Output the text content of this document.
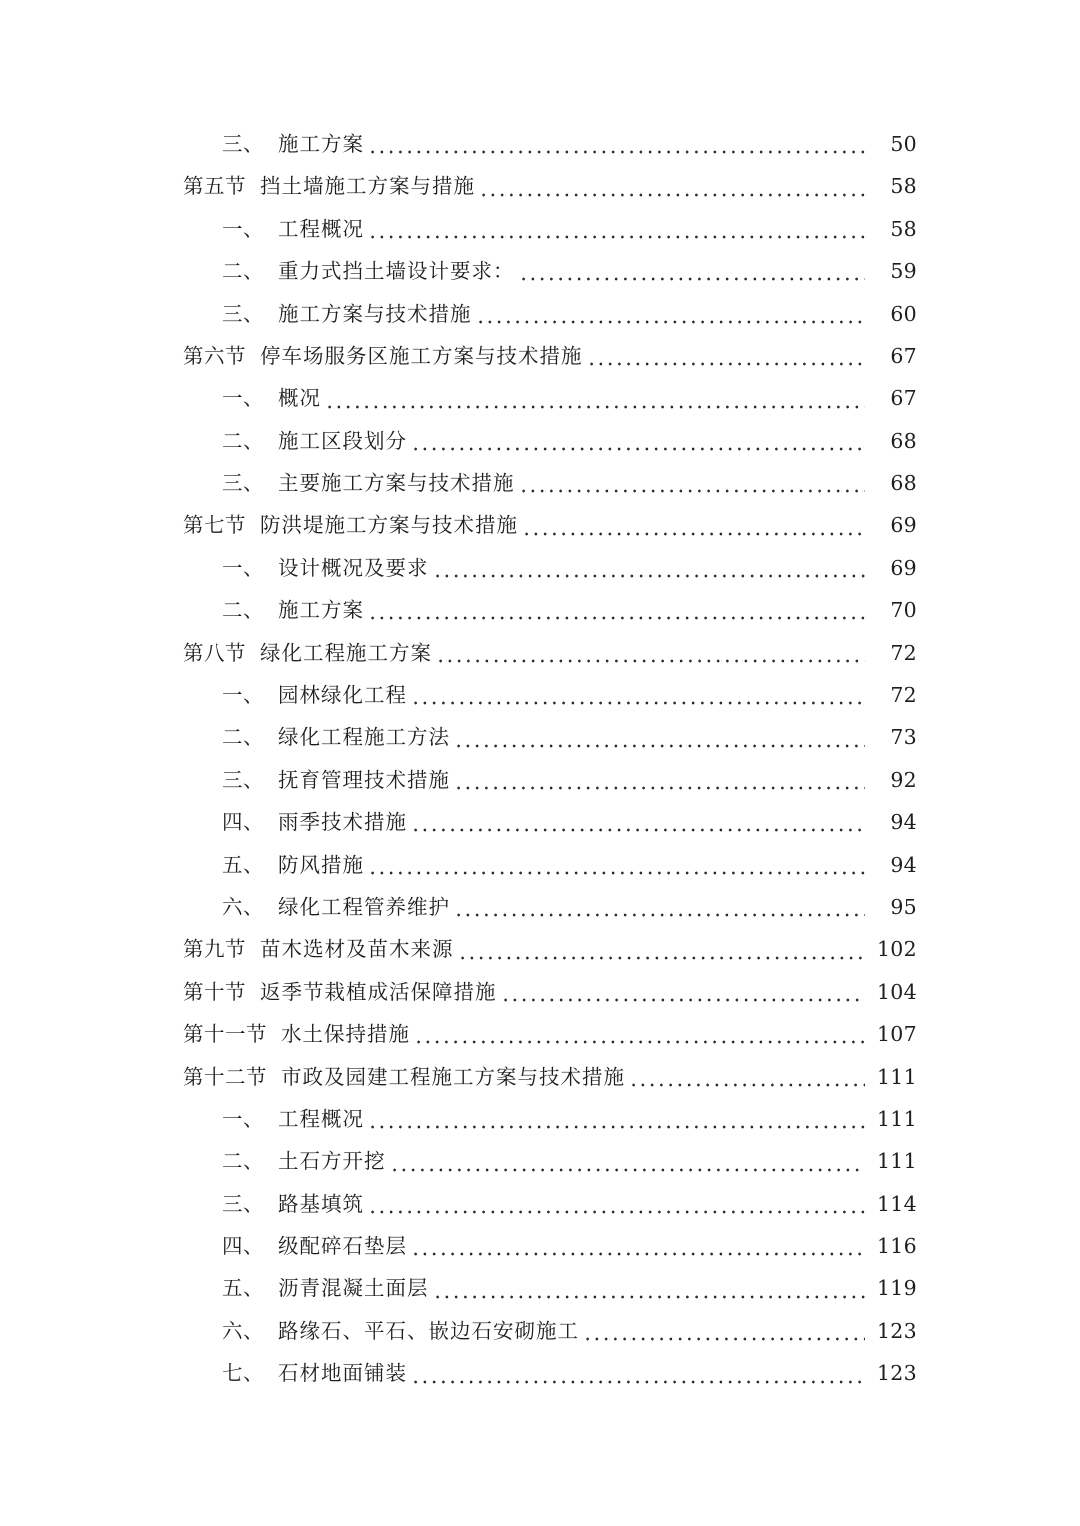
三、 施工方案	50
第五节 挡土墙施工方案与措施	58
一、 工程概况	58
二、 重力式挡土墙设计要求：	59
三、 施工方案与技术措施	60
第六节 停车场服务区施工方案与技术措施	67
一、 概况	67
二、 施工区段划分	68
三、 主要施工方案与技术措施	68
第七节 防洪堤施工方案与技术措施	69
一、 设计概况及要求	69
二、 施工方案	70
第八节 绿化工程施工方案	72
一、 园林绿化工程	72
二、 绿化工程施工方法	73
三、 抚育管理技术措施	92
四、 雨季技术措施	94
五、 防风措施	94
六、 绿化工程管养维护	95
第九节 苗木选材及苗木来源	102
第十节 返季节栽植成活保障措施	104
第十一节 水土保持措施	107
第十二节 市政及园建工程施工方案与技术措施	111
一、 工程概况	111
二、 土石方开挖	111
三、 路基填筑	114
四、 级配碎石垫层	116
五、 沥青混凝土面层	119
六、 路缘石、平石、嵌边石安砌施工	123
七、 石材地面铺装	123
